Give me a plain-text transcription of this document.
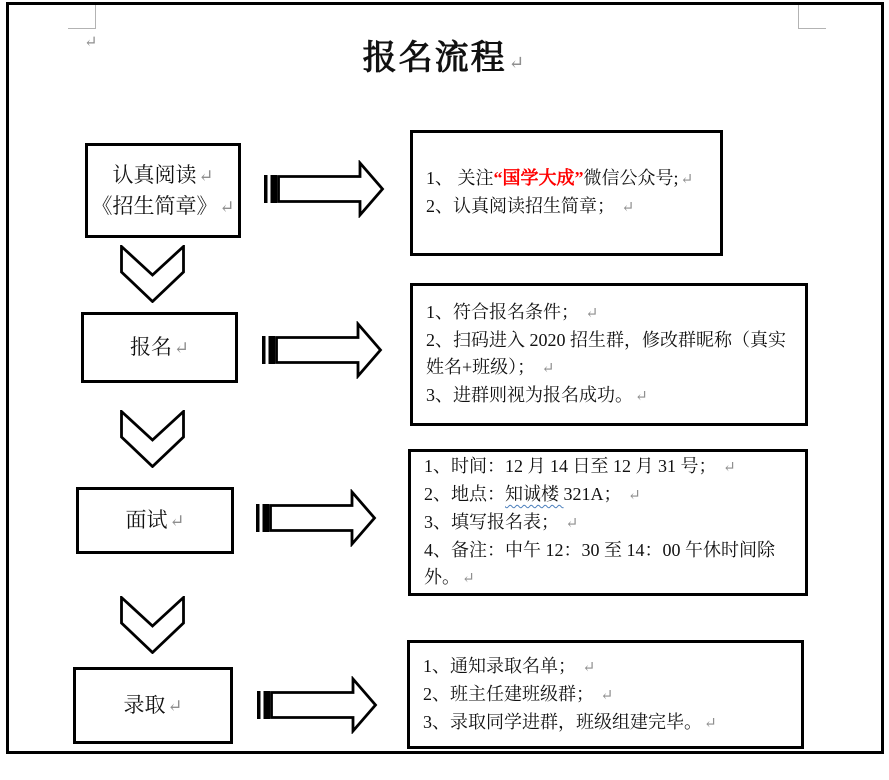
↵	报名流程 ↵
认真阅读 ↵
《招生简章》 ↵
报名 ↵
面试 ↵
录取 ↵

1、 关注“国学大成”微信公众号; ↵

2、认真阅读招生简章； ↵

1、符合报名条件； ↵

2、扫码进入 2020 招生群，修改群昵称（真实姓名+班级）； ↵

3、进群则视为报名成功。 ↵

1、时间：12 月 14 日至 12 月 31 号； ↵

2、地点：知诚楼 321A； ↵

3、填写报名表； ↵

4、备注：中午 12：30 至 14：00 午休时间除外。 ↵

1、通知录取名单； ↵

2、班主任建班级群； ↵

3、录取同学进群，班级组建完毕。 ↵
